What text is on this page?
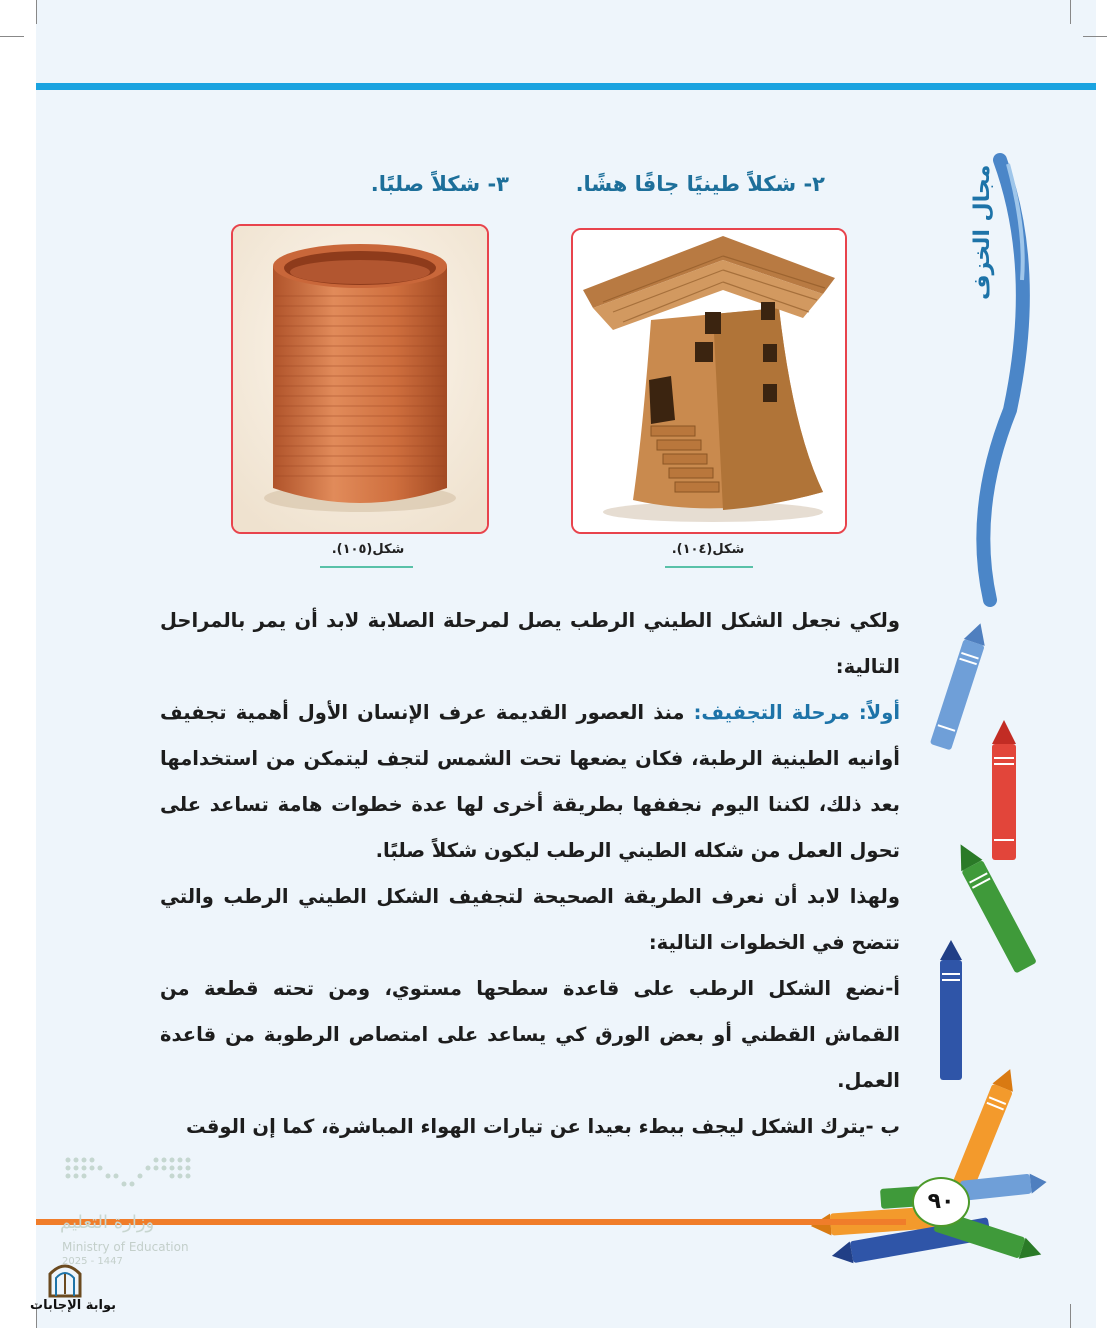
٢- شكلاً طينيًا جافًا هشًا.
٣- شكلاً صلبًا.
شكل(١٠٥).	شكل(١٠٤).

ولكي نجعل الشكل الطيني الرطب يصل لمرحلة الصلابة لابد أن يمر بالمراحل التالية:

أولاً: مرحلة التجفيف: منذ العصور القديمة عرف الإنسان الأول أهمية تجفيف أوانيه الطينية الرطبة، فكان يضعها تحت الشمس لتجف ليتمكن من استخدامها بعد ذلك، لكننا اليوم نجففها بطريقة أخرى لها عدة خطوات هامة تساعد على تحول العمل من شكله الطيني الرطب ليكون شكلاً صلبًا.

ولهذا لابد أن نعرف الطريقة الصحيحة لتجفيف الشكل الطيني الرطب والتي تتضح في الخطوات التالية:

أ-نضع الشكل الرطب على قاعدة سطحها مستوي، ومن تحته قطعة من القماش القطني أو بعض الورق كي يساعد على امتصاص الرطوبة من قاعدة العمل.

ب -يترك الشكل ليجف ببطء بعيدا عن تيارات الهواء المباشرة، كما إن الوقت

مجال الخزف
٩٠
وزارة التعليم
Ministry of Education
2025 - 1447
بوابة الإجابات
